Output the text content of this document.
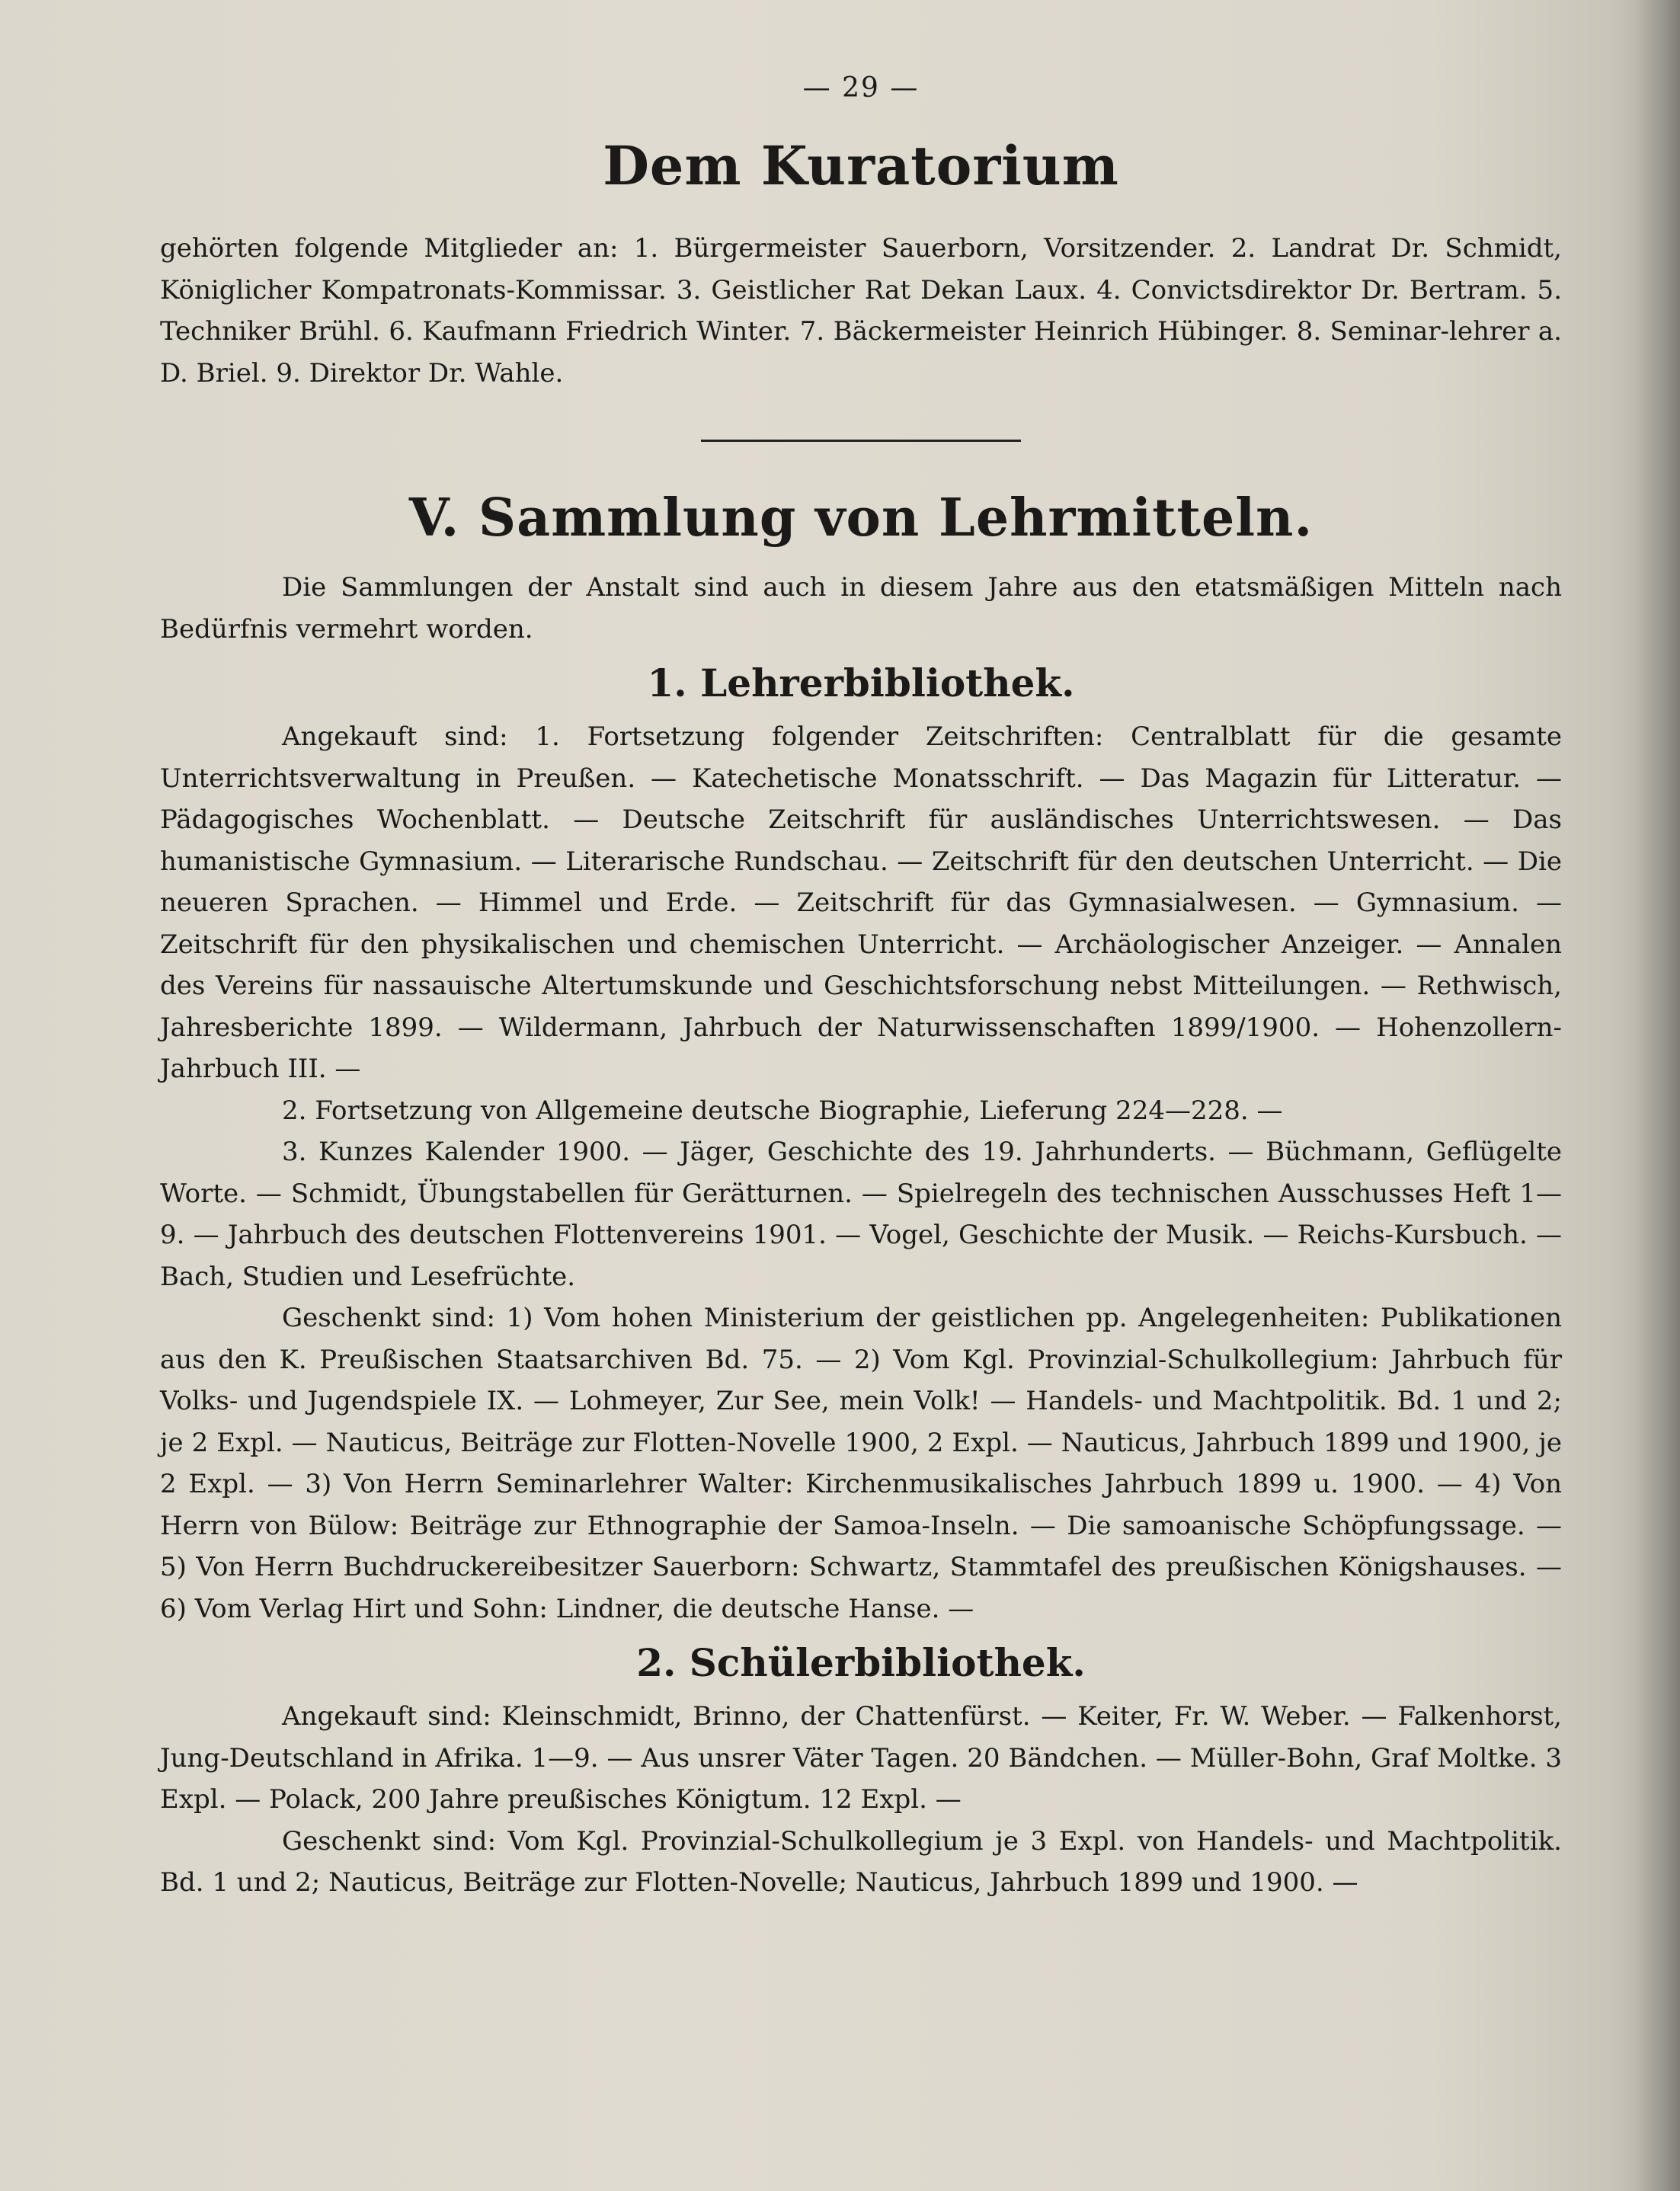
— 29 —
Dem Kuratorium

gehörten folgende Mitglieder an: 1. Bürgermeister Sauerborn, Vorsitzender. 2. Landrat Dr. Schmidt, Königlicher Kompatronats-Kommissar. 3. Geistlicher Rat Dekan Laux. 4. Convictsdirektor Dr. Bertram. 5. Techniker Brühl. 6. Kaufmann Friedrich Winter. 7. Bäckermeister Heinrich Hübinger. 8. Seminar-lehrer a. D. Briel. 9. Direktor Dr. Wahle.

V. Sammlung von Lehrmitteln.

Die Sammlungen der Anstalt sind auch in diesem Jahre aus den etatsmäßigen Mitteln nach Bedürfnis vermehrt worden.

1. Lehrerbibliothek.

Angekauft sind: 1. Fortsetzung folgender Zeitschriften: Centralblatt für die gesamte Unterrichtsverwaltung in Preußen. — Katechetische Monatsschrift. — Das Magazin für Litteratur. — Pädagogisches Wochenblatt. — Deutsche Zeitschrift für ausländisches Unterrichtswesen. — Das humanistische Gymnasium. — Literarische Rundschau. — Zeitschrift für den deutschen Unterricht. — Die neueren Sprachen. — Himmel und Erde. — Zeitschrift für das Gymnasialwesen. — Gymnasium. — Zeitschrift für den physikalischen und chemischen Unterricht. — Archäologischer Anzeiger. — Annalen des Vereins für nassauische Altertumskunde und Geschichtsforschung nebst Mitteilungen. — Rethwisch, Jahresberichte 1899. — Wildermann, Jahrbuch der Naturwissenschaften 1899/1900. — Hohenzollern-Jahrbuch III. —

2. Fortsetzung von Allgemeine deutsche Biographie, Lieferung 224—228. —

3. Kunzes Kalender 1900. — Jäger, Geschichte des 19. Jahrhunderts. — Büchmann, Geflügelte Worte. — Schmidt, Übungstabellen für Gerätturnen. — Spielregeln des technischen Ausschusses Heft 1—9. — Jahrbuch des deutschen Flottenvereins 1901. — Vogel, Geschichte der Musik. — Reichs-Kursbuch. — Bach, Studien und Lesefrüchte.

Geschenkt sind: 1) Vom hohen Ministerium der geistlichen pp. Angelegenheiten: Publikationen aus den K. Preußischen Staatsarchiven Bd. 75. — 2) Vom Kgl. Provinzial-Schulkollegium: Jahrbuch für Volks- und Jugendspiele IX. — Lohmeyer, Zur See, mein Volk! — Handels- und Machtpolitik. Bd. 1 und 2; je 2 Expl. — Nauticus, Beiträge zur Flotten-Novelle 1900, 2 Expl. — Nauticus, Jahrbuch 1899 und 1900, je 2 Expl. — 3) Von Herrn Seminarlehrer Walter: Kirchenmusikalisches Jahrbuch 1899 u. 1900. — 4) Von Herrn von Bülow: Beiträge zur Ethnographie der Samoa-Inseln. — Die samoanische Schöpfungssage. — 5) Von Herrn Buchdruckereibesitzer Sauerborn: Schwartz, Stammtafel des preußischen Königshauses. — 6) Vom Verlag Hirt und Sohn: Lindner, die deutsche Hanse. —

2. Schülerbibliothek.

Angekauft sind: Kleinschmidt, Brinno, der Chattenfürst. — Keiter, Fr. W. Weber. — Falkenhorst, Jung-Deutschland in Afrika. 1—9. — Aus unsrer Väter Tagen. 20 Bändchen. — Müller-Bohn, Graf Moltke. 3 Expl. — Polack, 200 Jahre preußisches Königtum. 12 Expl. —

Geschenkt sind: Vom Kgl. Provinzial-Schulkollegium je 3 Expl. von Handels- und Machtpolitik. Bd. 1 und 2; Nauticus, Beiträge zur Flotten-Novelle; Nauticus, Jahrbuch 1899 und 1900. —
